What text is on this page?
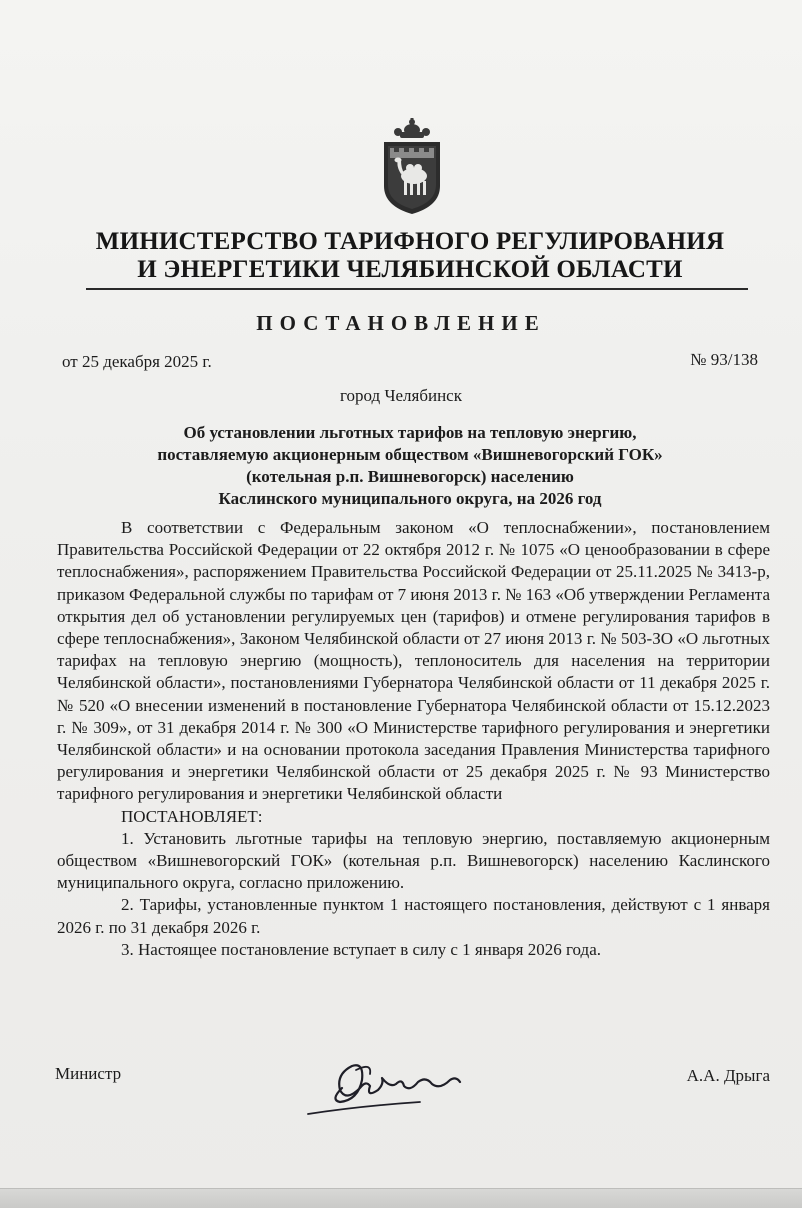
МИНИСТЕРСТВО ТАРИФНОГО РЕГУЛИРОВАНИЯ
И ЭНЕРГЕТИКИ ЧЕЛЯБИНСКОЙ ОБЛАСТИ
ПОСТАНОВЛЕНИЕ
от 25 декабря 2025 г.	№ 93/138
город Челябинск
Об установлении льготных тарифов на тепловую энергию,
поставляемую акционерным обществом «Вишневогорский ГОК»
(котельная р.п. Вишневогорск) населению
Каслинского муниципального округа, на 2026 год

В соответствии с Федеральным законом «О теплоснабжении», постановлением Правительства Российской Федерации от 22 октября 2012 г. № 1075 «О ценообразовании в сфере теплоснабжения», распоряжением Правительства Российской Федерации от 25.11.2025 № 3413-р, приказом Федеральной службы по тарифам от 7 июня 2013 г. № 163 «Об утверждении Регламента открытия дел об установлении регулируемых цен (тарифов) и отмене регулирования тарифов в сфере теплоснабжения», Законом Челябинской области от 27 июня 2013 г. № 503-ЗО «О льготных тарифах на тепловую энергию (мощность), теплоноситель для населения на территории Челябинской области», постановлениями Губернатора Челябинской области от 11 декабря 2025 г. № 520 «О внесении изменений в постановление Губернатора Челябинской области от 15.12.2023 г. № 309», от 31 декабря 2014 г. № 300 «О Министерстве тарифного регулирования и энергетики Челябинской области» и на основании протокола заседания Правления Министерства тарифного регулирования и энергетики Челябинской области от 25 декабря 2025 г. № 93 Министерство тарифного регулирования и энергетики Челябинской области

ПОСТАНОВЛЯЕТ:

1. Установить льготные тарифы на тепловую энергию, поставляемую акционерным обществом «Вишневогорский ГОК» (котельная р.п. Вишневогорск) населению Каслинского муниципального округа, согласно приложению.

2. Тарифы, установленные пунктом 1 настоящего постановления, действуют с 1 января 2026 г. по 31 декабря 2026 г.

3. Настоящее постановление вступает в силу с 1 января 2026 года.

Министр	А.А. Дрыга
